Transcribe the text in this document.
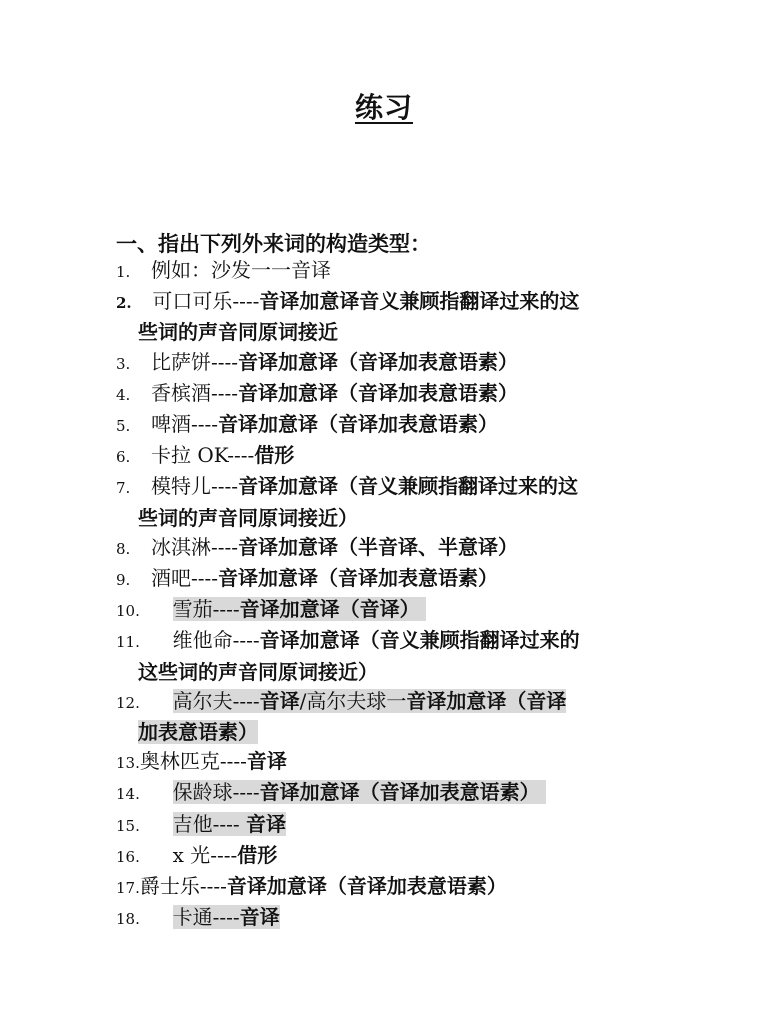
练习
一、指出下列外来词的构造类型：
1. 例如：沙发一一音译
2. 可口可乐----音译加意译音义兼顾指翻译过来的这
些词的声音同原词接近
3. 比萨饼----音译加意译（音译加表意语素）
4. 香槟酒----音译加意译（音译加表意语素）
5. 啤酒----音译加意译（音译加表意语素）
6. 卡拉 OK----借形
7. 模特儿----音译加意译（音义兼顾指翻译过来的这
些词的声音同原词接近）
8. 冰淇淋----音译加意译（半音译、半意译）
9. 酒吧----音译加意译（音译加表意语素）
10. 雪茄----音译加意译（音译）
11. 维他命----音译加意译（音义兼顾指翻译过来的
这些词的声音同原词接近）
12. 高尔夫----音译/高尔夫球一音译加意译（音译
加表意语素）
13.奥林匹克----音译
14. 保龄球----音译加意译（音译加表意语素）
15. 吉他---- 音译
16. x 光----借形
17.爵士乐----音译加意译（音译加表意语素）
18. 卡通----音译
